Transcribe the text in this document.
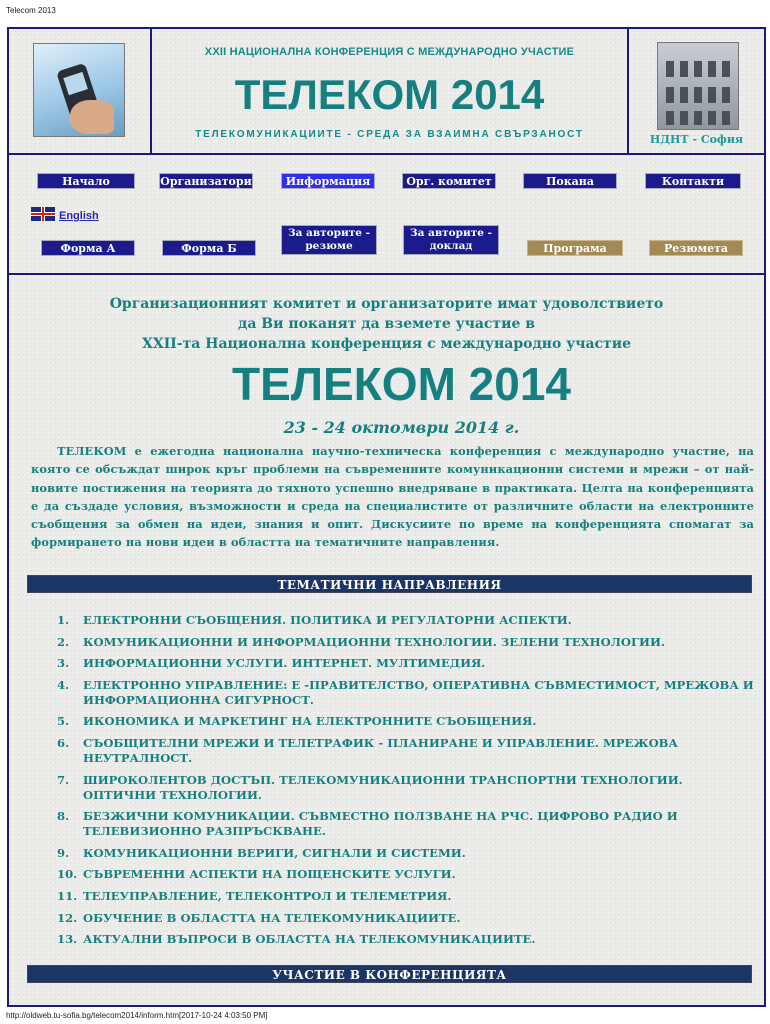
Telecom 2013
XXII НАЦИОНАЛНА КОНФЕРЕНЦИЯ С МЕЖДУНАРОДНО УЧАСТИЕ
ТЕЛЕКОМ 2014
ТЕЛЕКОМУНИКАЦИИТЕ - СРЕДА ЗА ВЗАИМНА СВЪРЗАНОСТ	НДНТ - София
Начало	Организатори	Информация	Орг. комитет	Покана	Контакти
English
Форма А	Форма Б
За авторите - резюме
За авторите - доклад	Програма	Резюмета
Организационният комитет и организаторите имат удоволствието
да Ви поканят да вземете участие в
XXII-та Национална конференция с международно участие
ТЕЛЕКОМ 2014
23 - 24 октомври 2014 г.
ТЕЛЕКОМ е ежегодна национална научно-техническа конференция с международно участие, на която се обсъждат широк кръг проблеми на съвременните комуникационни системи и мрежи – от най-новите постижения на теорията до тяхното успешно внедряване в практиката. Целта на конференцията е да създаде условия, възможности и среда на специалистите от различните области на електронните съобщения за обмен на идеи, знания и опит. Дискусиите по време на конференцията спомагат за формирането на нови идеи в областта на тематичните направления.
ТЕМАТИЧНИ НАПРАВЛЕНИЯ
1.	ЕЛЕКТРОННИ СЪОБЩЕНИЯ. ПОЛИТИКА И РЕГУЛАТОРНИ АСПЕКТИ.
2.	КОМУНИКАЦИОННИ И ИНФОРМАЦИОННИ ТЕХНОЛОГИИ. ЗЕЛЕНИ ТЕХНОЛОГИИ.
3.	ИНФОРМАЦИОННИ УСЛУГИ. ИНТЕРНЕТ. МУЛТИМЕДИЯ.
4.	ЕЛЕКТРОННО УПРАВЛЕНИЕ: Е -ПРАВИТЕЛСТВО, ОПЕРАТИВНА СЪВМЕСТИМОСТ, МРЕЖОВА И ИНФОРМАЦИОННА СИГУРНОСТ.
5.	ИКОНОМИКА И МАРКЕТИНГ НА ЕЛЕКТРОННИТЕ СЪОБЩЕНИЯ.
6.	СЪОБЩИТЕЛНИ МРЕЖИ И ТЕЛЕТРАФИК - ПЛАНИРАНЕ И УПРАВЛЕНИЕ. МРЕЖОВА НЕУТРАЛНОСТ.
7.	ШИРОКОЛЕНТОВ ДОСТЪП. ТЕЛЕКОМУНИКАЦИОННИ ТРАНСПОРТНИ ТЕХНОЛОГИИ. ОПТИЧНИ ТЕХНОЛОГИИ.
8.	БЕЗЖИЧНИ КОМУНИКАЦИИ. СЪВМЕСТНО ПОЛЗВАНЕ НА РЧС. ЦИФРОВО РАДИО И ТЕЛЕВИЗИОННО РАЗПРЪСКВАНЕ.
9.	КОМУНИКАЦИОННИ ВЕРИГИ, СИГНАЛИ И СИСТЕМИ.
10. СЪВРЕМЕННИ АСПЕКТИ НА ПОЩЕНСКИТЕ УСЛУГИ.
11. ТЕЛЕУПРАВЛЕНИЕ, ТЕЛЕКОНТРОЛ И ТЕЛЕМЕТРИЯ.
12. ОБУЧЕНИЕ В ОБЛАСТТА НА ТЕЛЕКОМУНИКАЦИИТЕ.
13. АКТУАЛНИ ВЪПРОСИ В ОБЛАСТТА НА ТЕЛЕКОМУНИКАЦИИТЕ.
УЧАСТИЕ В КОНФЕРЕНЦИЯТА
http://oldweb.tu-sofia.bg/telecom2014/inform.htm[2017-10-24 4:03:50 PM]
